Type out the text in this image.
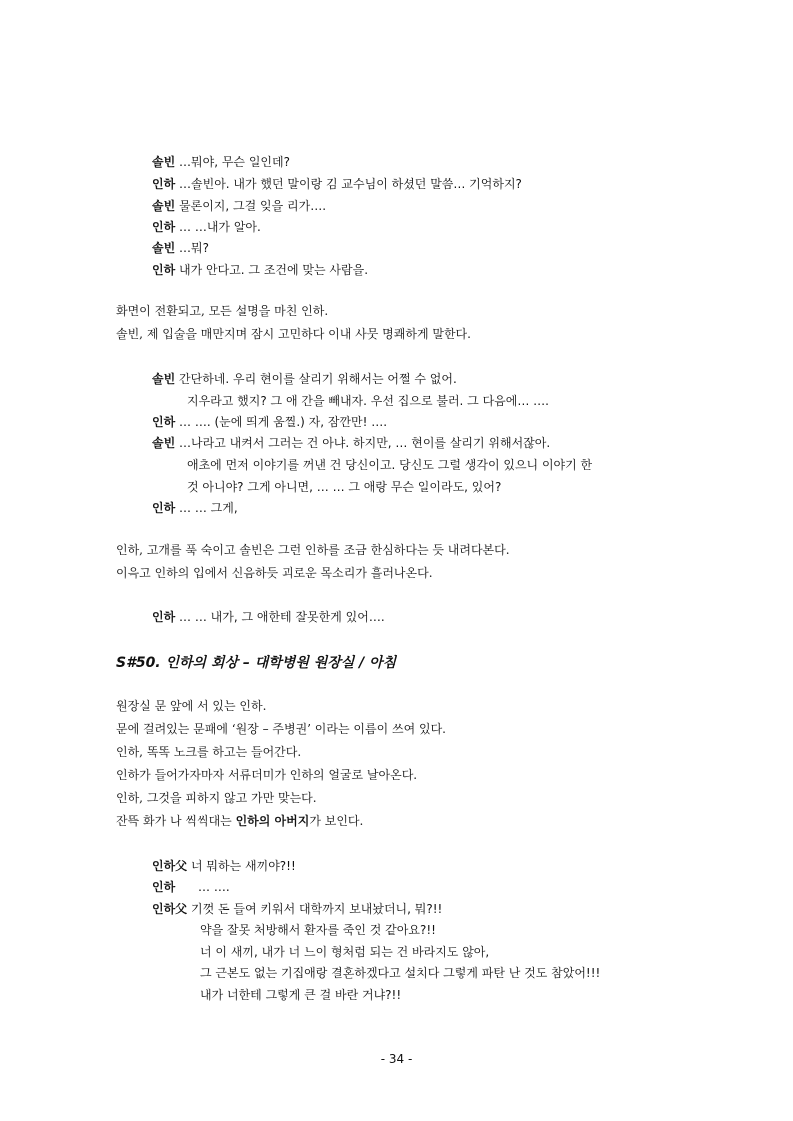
솔빈 …뭐야, 무슨 일인데?
인하 …솔빈아. 내가 했던 말이랑 김 교수님이 하셨던 말씀… 기억하지?
솔빈 물론이지, 그걸 잊을 리가….
인하 … …내가 알아.
솔빈 …뭐?
인하 내가 안다고. 그 조건에 맞는 사람을.
화면이 전환되고, 모든 설명을 마친 인하.
솔빈, 제 입술을 매만지며 잠시 고민하다 이내 사뭇 명쾌하게 말한다.
솔빈 간단하네. 우리 현이를 살리기 위해서는 어쩔 수 없어.
지우라고 했지? 그 애 간을 빼내자. 우선 집으로 불러. 그 다음에… ….
인하 … …. (눈에 띄게 움찔.) 자, 잠깐만! ….
솔빈 …나라고 내켜서 그러는 건 아냐. 하지만, … 현이를 살리기 위해서잖아.
애초에 먼저 이야기를 꺼낸 건 당신이고. 당신도 그럴 생각이 있으니 이야기 한
것 아니야? 그게 아니면, … … 그 애랑 무슨 일이라도, 있어?
인하 … … 그게,
인하, 고개를 푹 숙이고 솔빈은 그런 인하를 조금 한심하다는 듯 내려다본다.
이윽고 인하의 입에서 신음하듯 괴로운 목소리가 흘러나온다.
인하 … … 내가, 그 애한테 잘못한게 있어….
S#50. 인하의 회상 – 대학병원 원장실 / 아침
원장실 문 앞에 서 있는 인하.
문에 걸려있는 문패에 ‘원장 – 주병권’ 이라는 이름이 쓰여 있다.
인하, 똑똑 노크를 하고는 들어간다.
인하가 들어가자마자 서류더미가 인하의 얼굴로 날아온다.
인하, 그것을 피하지 않고 가만 맞는다.
잔뜩 화가 나 씩씩대는 인하의 아버지가 보인다.
인하父 너 뭐하는 새끼야?!!
인하 … ….
인하父 기껏 돈 들여 키워서 대학까지 보내놨더니, 뭐?!!
약을 잘못 처방해서 환자를 죽인 것 같아요?!!
너 이 새끼, 내가 너 느이 형처럼 되는 건 바라지도 않아,
그 근본도 없는 기집애랑 결혼하겠다고 설치다 그렇게 파탄 난 것도 참았어!!!
내가 너한테 그렇게 큰 걸 바란 거냐?!!
- 34 -
